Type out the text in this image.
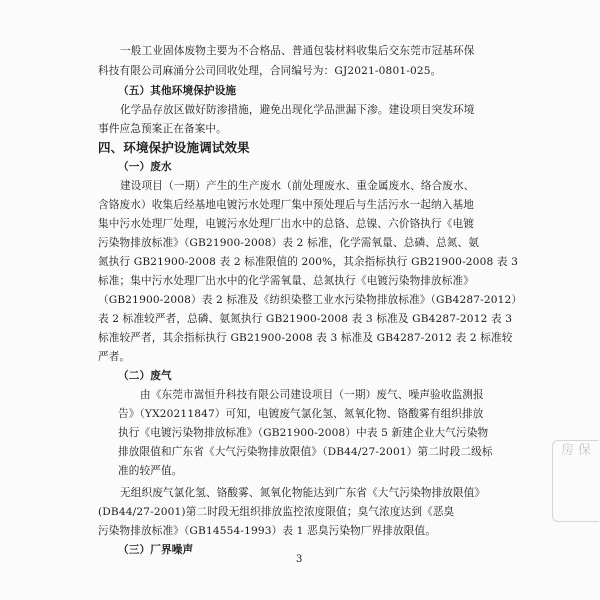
一般工业固体废物主要为不合格品、普通包装材料收集后交东莞市冠基环保
科技有限公司麻涌分公司回收处理，合同编号为：GJ2021-0801-025。
（五）其他环境保护设施
化学品存放区做好防渗措施，避免出现化学品泄漏下渗。建设项目突发环境
事件应急预案正在备案中。
四、环境保护设施调试效果
（一）废水
建设项目（一期）产生的生产废水（前处理废水、重金属废水、络合废水、
含铬废水）收集后经基地电镀污水处理厂集中预处理后与生活污水一起纳入基地
集中污水处理厂处理，电镀污水处理厂出水中的总铬、总镍、六价铬执行《电镀
污染物排放标准》（GB21900-2008）表 2 标准，化学需氧量、总磷、总氮、氨
氮执行 GB21900-2008 表 2 标准限值的 200%，其余指标执行 GB21900-2008 表 3
标准；集中污水处理厂出水中的化学需氧量、总氮执行《电镀污染物排放标准》
（GB21900-2008）表 2 标准及《纺织染整工业水污染物排放标准》（GB4287-2012）
表 2 标准较严者，总磷、氨氮执行 GB21900-2008 表 3 标准及 GB4287-2012 表 3
标准较严者，其余指标执行 GB21900-2008 表 3 标准及 GB4287-2012 表 2 标准较
严者。
（二）废气
由《东莞市嵩恒升科技有限公司建设项目（一期）废气、噪声验收监测报
告》（YX20211847）可知，电镀废气氯化氢、氮氧化物、铬酸雾有组织排放
执行《电镀污染物排放标准》（GB21900-2008）中表 5 新建企业大气污染物
排放限值和广东省《大气污染物排放限值》（DB44/27-2001）第二时段二级标
准的较严值。
无组织废气氯化氢、铬酸雾、氮氧化物能达到广东省《大气污染物排放限值》
(DB44/27-2001)第二时段无组织排放监控浓度限值；臭气浓度达到《恶臭
污染物排放标准》（GB14554-1993）表 1 恶臭污染物厂界排放限值。
（三）厂界噪声
3
房 保
